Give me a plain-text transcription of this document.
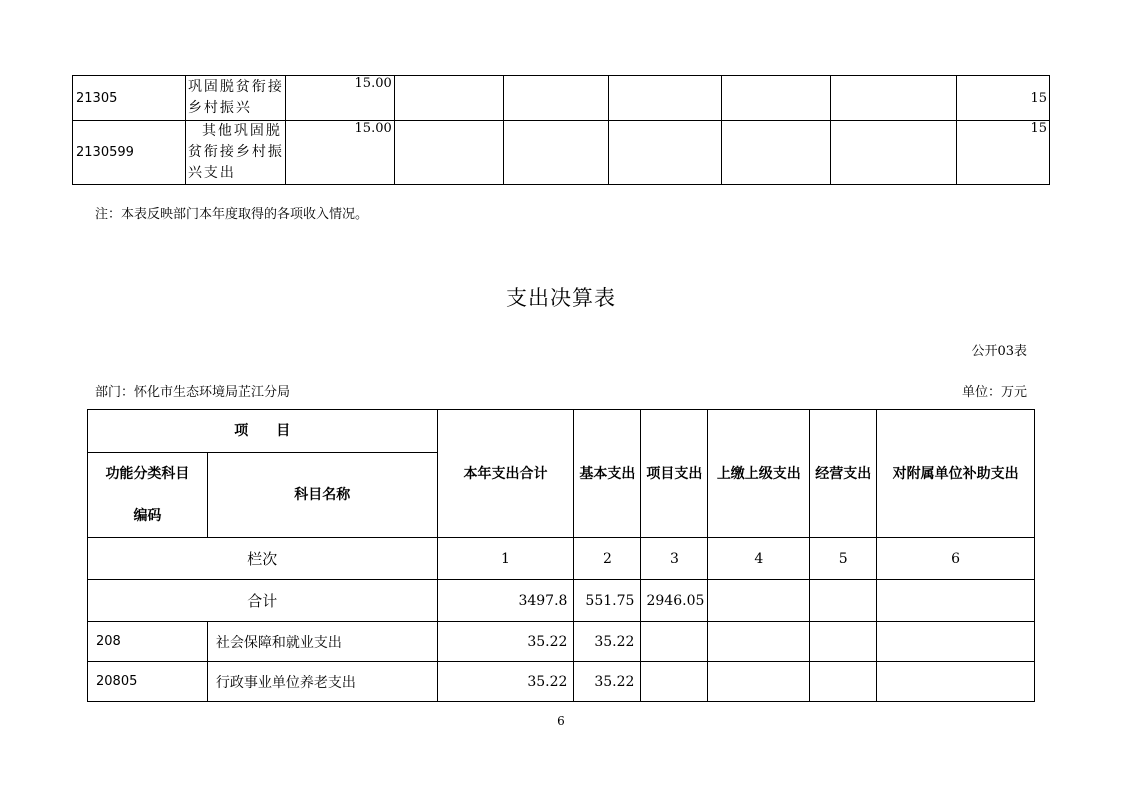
21305	巩固脱贫衔接乡村振兴	15.00						15
2130599	其他巩固脱贫衔接乡村振兴支出	15.00						15
注：本表反映部门本年度取得的各项收入情况。
支出决算表
公开03表
部门：怀化市生态环境局芷江分局	单位：万元
项　　目		本年支出合计	基本支出	项目支出	上缴上级支出	经营支出	对附属单位补助支出
功能分类科目编码	科目名称						
栏次		1	2	3	4	5	6
合计		3497.8	551.75	2946.05			
208	社会保障和就业支出	35.22	35.22				
20805	行政事业单位养老支出	35.22	35.22				
6
